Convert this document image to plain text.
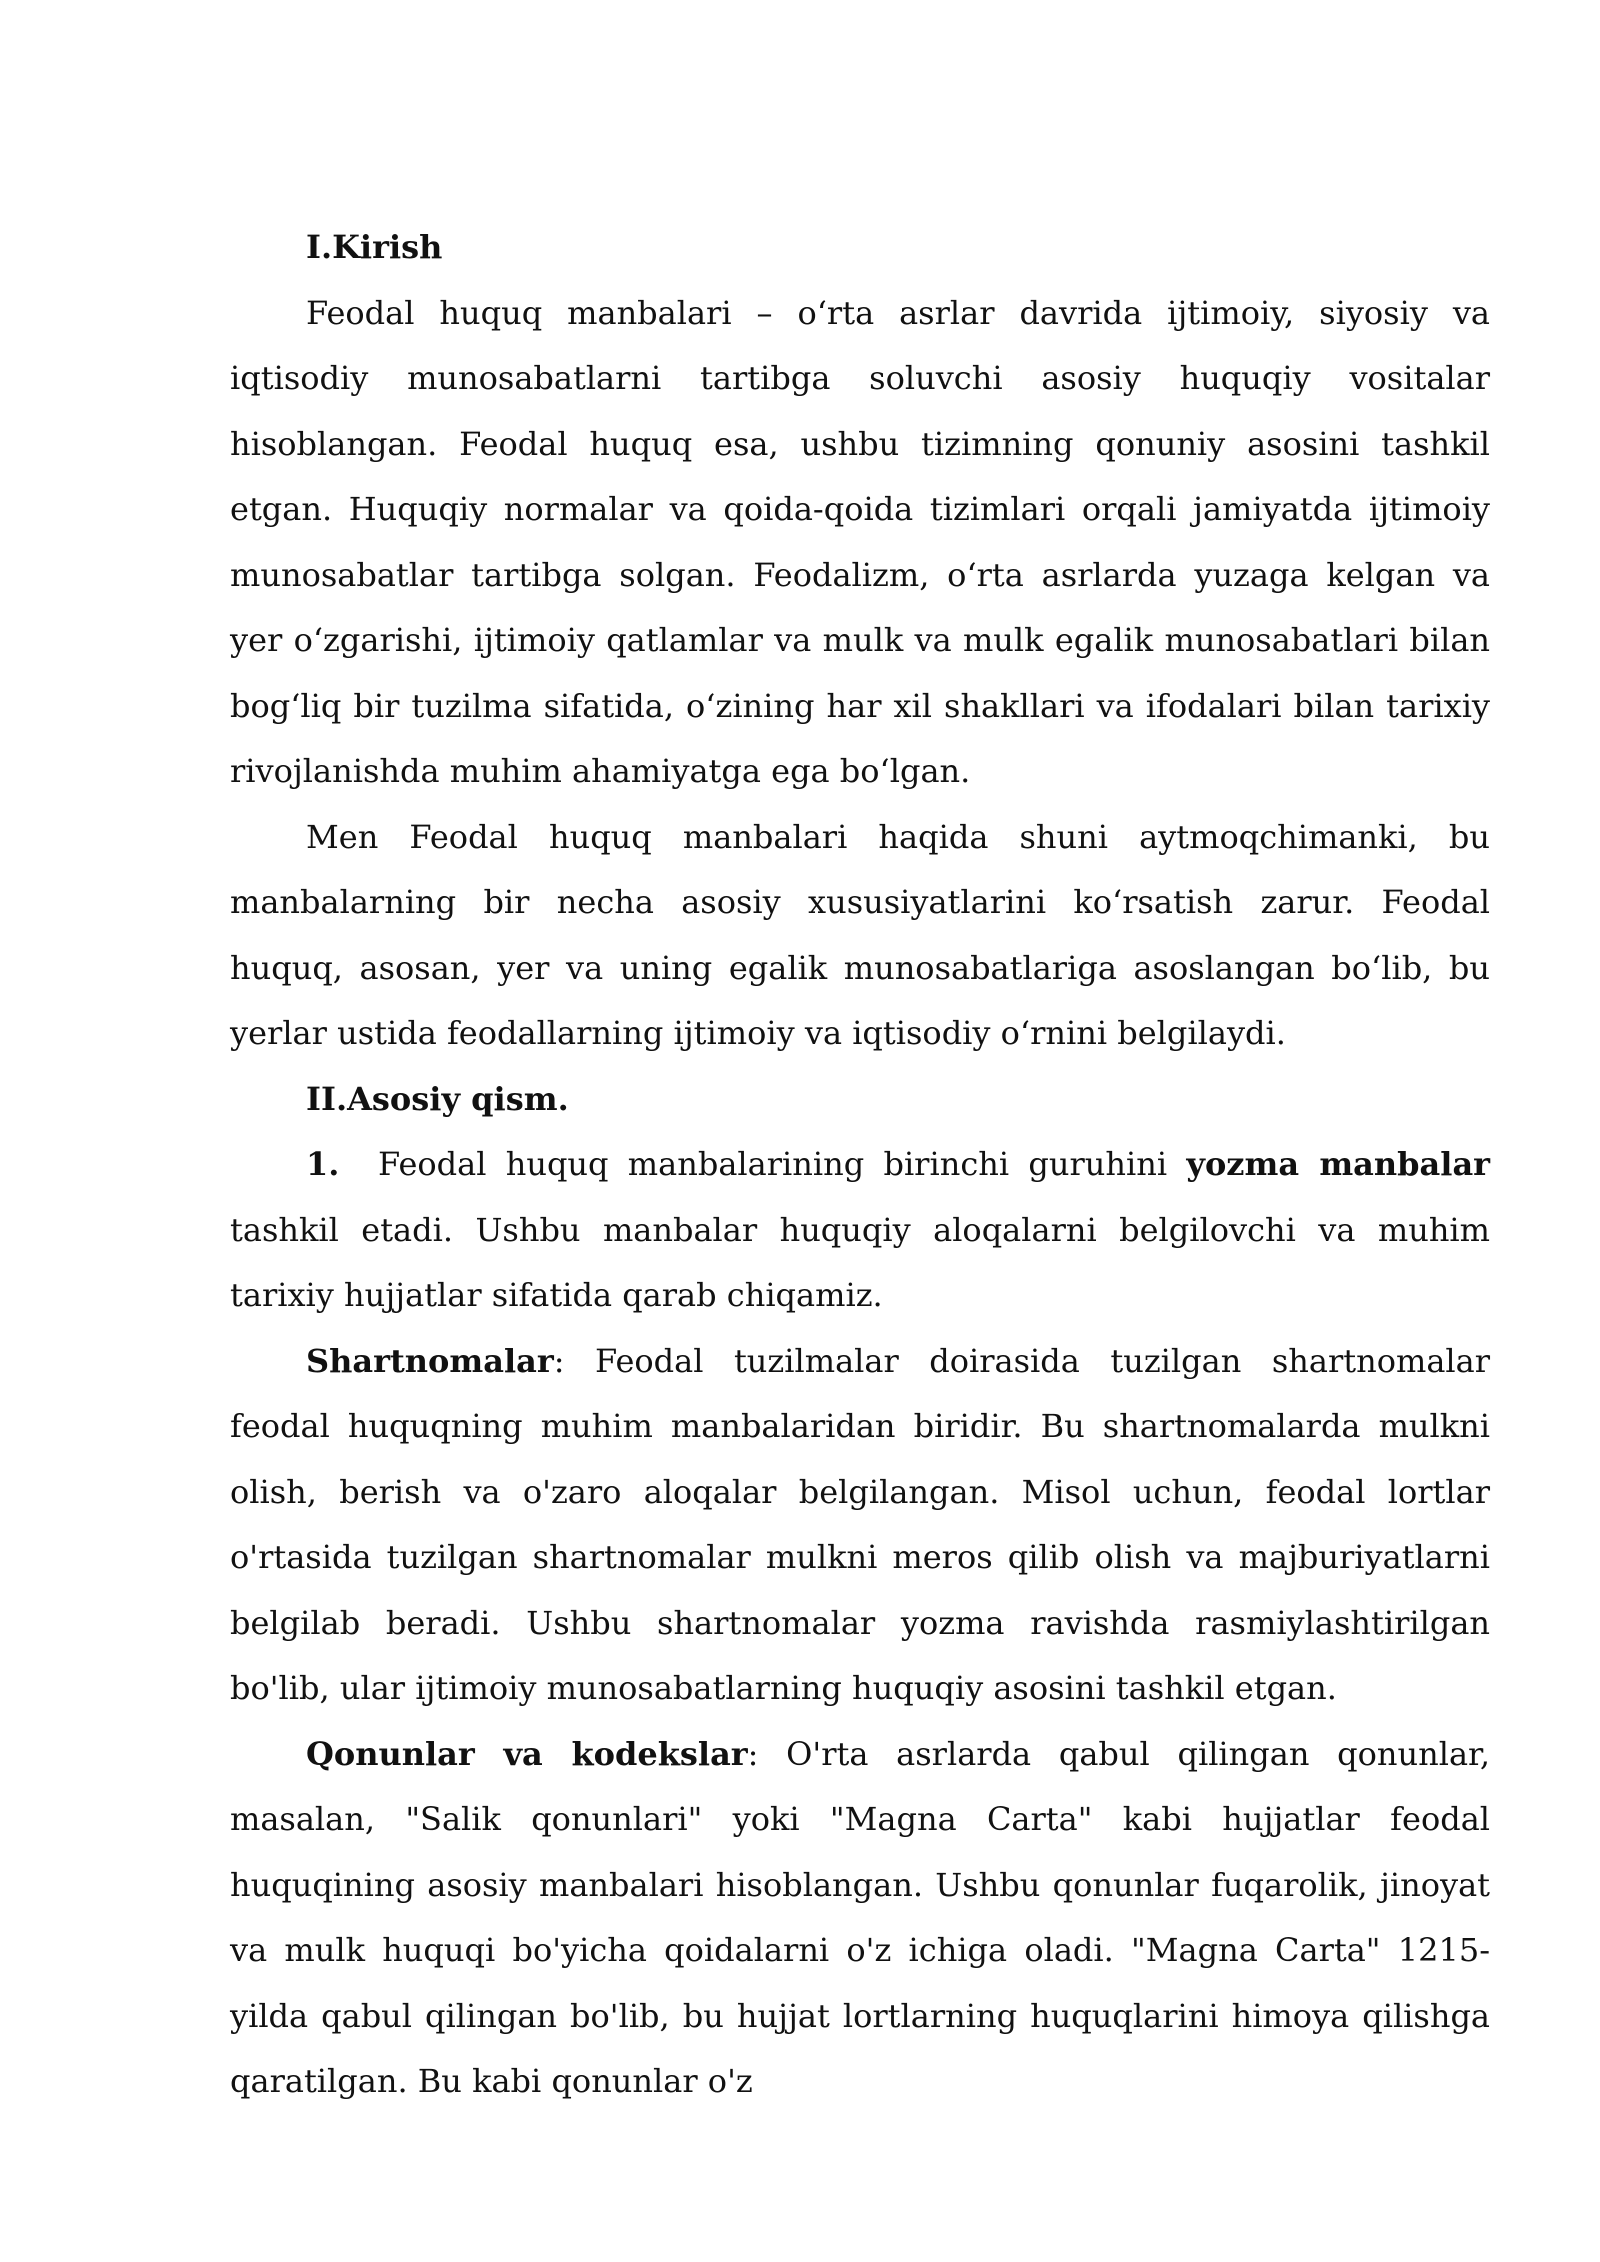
I.Kirish

Feodal huquq manbalari – o‘rta asrlar davrida ijtimoiy, siyosiy va iqtisodiy munosabatlarni tartibga soluvchi asosiy huquqiy vositalar hisoblangan. Feodal huquq esa, ushbu tizimning qonuniy asosini tashkil etgan. Huquqiy normalar va qoida-qoida tizimlari orqali jamiyatda ijtimoiy munosabatlar tartibga solgan. Feodalizm, o‘rta asrlarda yuzaga kelgan va yer o‘zgarishi, ijtimoiy qatlamlar va mulk va mulk egalik munosabatlari bilan bog‘liq bir tuzilma sifatida, o‘zining har xil shakllari va ifodalari bilan tarixiy rivojlanishda muhim ahamiyatga ega bo‘lgan.

Men Feodal huquq manbalari haqida shuni aytmoqchimanki, bu manbalarning bir necha asosiy xususiyatlarini ko‘rsatish zarur. Feodal huquq, asosan, yer va uning egalik munosabatlariga asoslangan bo‘lib, bu yerlar ustida feodallarning ijtimoiy va iqtisodiy o‘rnini belgilaydi.

II.Asosiy qism.

1. Feodal huquq manbalarining birinchi guruhini yozma manbalar tashkil etadi. Ushbu manbalar huquqiy aloqalarni belgilovchi va muhim tarixiy hujjatlar sifatida qarab chiqamiz.

Shartnomalar: Feodal tuzilmalar doirasida tuzilgan shartnomalar feodal huquqning muhim manbalaridan biridir. Bu shartnomalarda mulkni olish, berish va o'zaro aloqalar belgilangan. Misol uchun, feodal lortlar o'rtasida tuzilgan shartnomalar mulkni meros qilib olish va majburiyatlarni belgilab beradi. Ushbu shartnomalar yozma ravishda rasmiylashtirilgan bo'lib, ular ijtimoiy munosabatlarning huquqiy asosini tashkil etgan.

Qonunlar va kodekslar: O'rta asrlarda qabul qilingan qonunlar, masalan, "Salik qonunlari" yoki "Magna Carta" kabi hujjatlar feodal huquqining asosiy manbalari hisoblangan. Ushbu qonunlar fuqarolik, jinoyat va mulk huquqi bo'yicha qoidalarni o'z ichiga oladi. "Magna Carta" 1215-yilda qabul qilingan bo'lib, bu hujjat lortlarning huquqlarini himoya qilishga qaratilgan. Bu kabi qonunlar o'z
